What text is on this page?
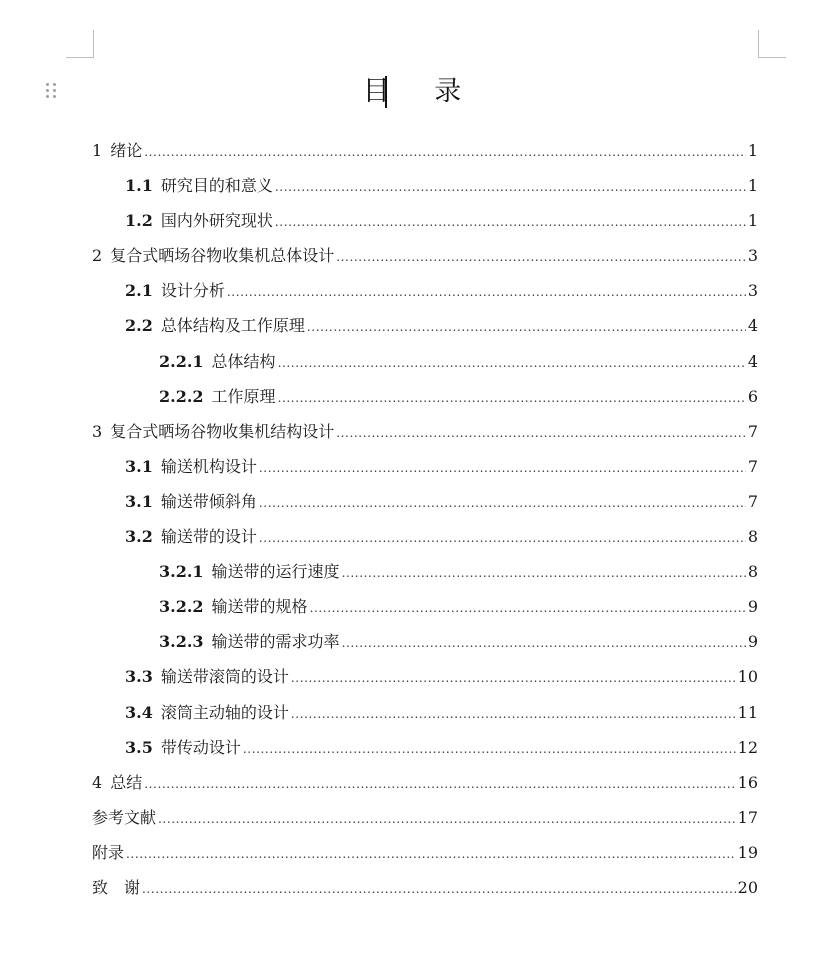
目 录
1 绪论 .....	1
1.1 研究目的和意义 .....	1
1.2 国内外研究现状 .....	1
2 复合式晒场谷物收集机总体设计 .....	3
2.1 设计分析 .....	3
2.2 总体结构及工作原理 .....	4
2.2.1 总体结构 .....	4
2.2.2 工作原理 .....	6
3 复合式晒场谷物收集机结构设计 .....	7
3.1 输送机构设计 .....	7
3.1 输送带倾斜角 .....	7
3.2 输送带的设计 .....	8
3.2.1 输送带的运行速度 .....	8
3.2.2 输送带的规格 .....	9
3.2.3 输送带的需求功率 .....	9
3.3 输送带滚筒的设计 .....	10
3.4 滚筒主动轴的设计 .....	11
3.5 带传动设计 .....	12
4 总结 .....	16
参考文献 .....	17
附录 .....	19
致　谢 .....	20
